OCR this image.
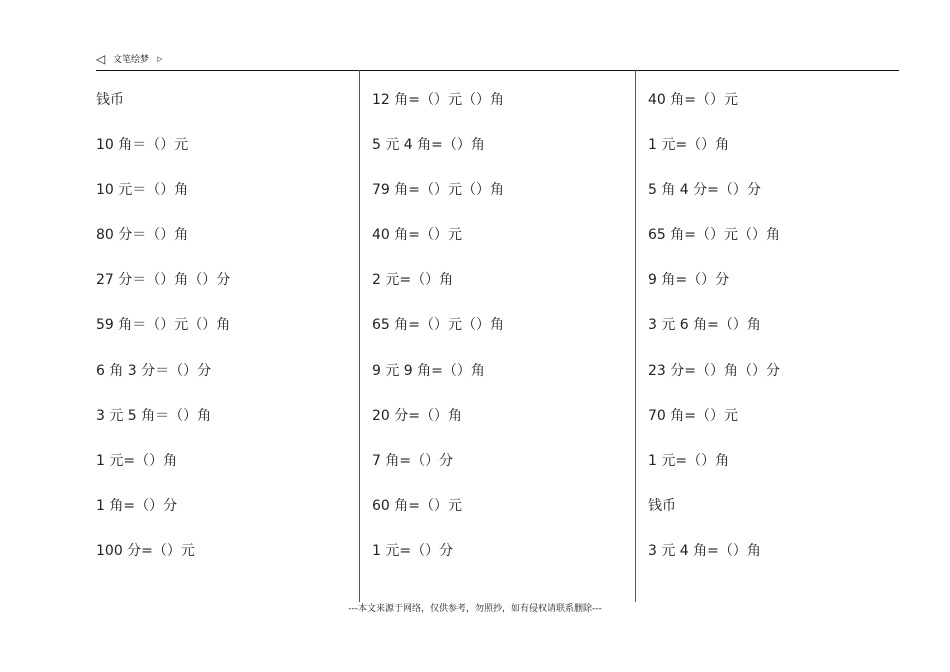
◁ 文笔绘梦 ▷
钱币
10 角＝（）元
10 元＝（）角
80 分＝（）角
27 分＝（）角（）分
59 角＝（）元（）角
6 角 3 分＝（）分
3 元 5 角＝（）角
1 元=（）角
1 角=（）分
100 分=（）元
12 角=（）元（）角
5 元 4 角=（）角
79 角=（）元（）角
40 角=（）元
2 元=（）角
65 角=（）元（）角
9 元 9 角=（）角
20 分=（）角
7 角=（）分
60 角=（）元
1 元=（）分
40 角=（）元
1 元=（）角
5 角 4 分=（）分
65 角=（）元（）角
9 角=（）分
3 元 6 角=（）角
23 分=（）角（）分
70 角=（）元
1 元=（）角
钱币
3 元 4 角=（）角
---本文来源于网络，仅供参考，勿照抄，如有侵权请联系删除---
